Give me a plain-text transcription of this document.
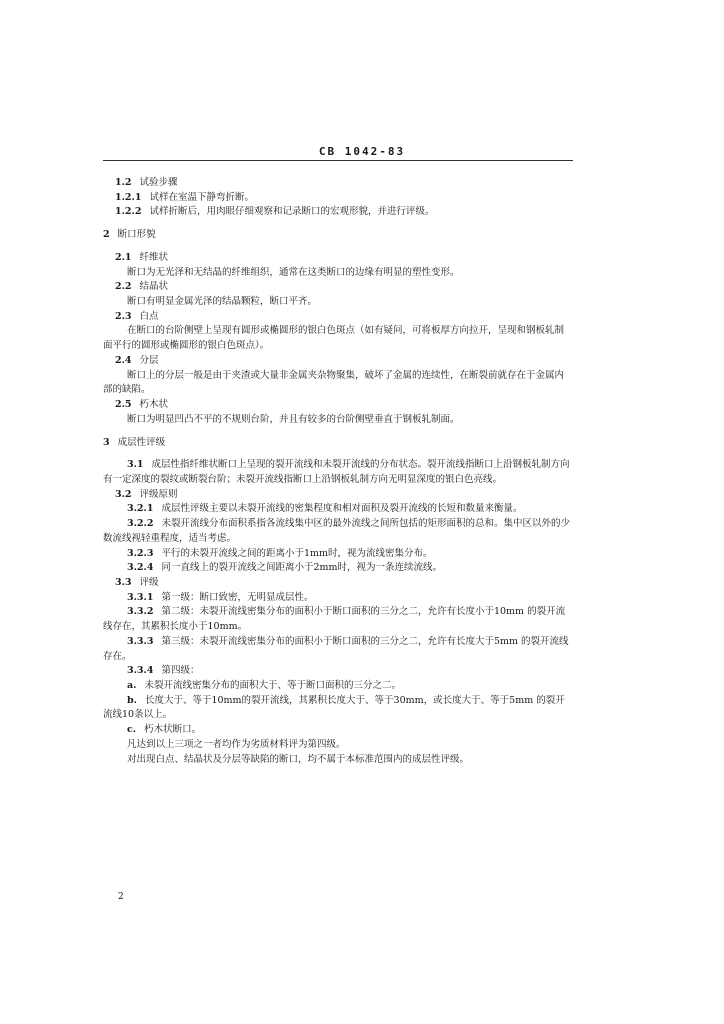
CB 1042-83
1.2 试验步骤
1.2.1 试样在室温下静弯折断。
1.2.2 试样折断后，用肉眼仔细观察和记录断口的宏观形貌，并进行评级。
2 断口形貌
2.1 纤维状
断口为无光泽和无结晶的纤维组织，通常在这类断口的边缘有明显的塑性变形。
2.2 结晶状
断口有明显金属光泽的结晶颗粒，断口平齐。
2.3 白点
在断口的台阶侧壁上呈现有圆形或椭圆形的银白色斑点（如有疑问，可将板厚方向拉开，呈现和钢板轧制面平行的圆形或椭圆形的银白色斑点）。
2.4 分层
断口上的分层一般是由于夹渣或大量非金属夹杂物聚集，破坏了金属的连续性，在断裂前就存在于金属内部的缺陷。
2.5 朽木状
断口为明显凹凸不平的不规则台阶，并且有较多的台阶侧壁垂直于钢板轧制面。
3 成层性评级
3.1 成层性指纤维状断口上呈现的裂开流线和未裂开流线的分布状态。裂开流线指断口上沿钢板轧制方向有一定深度的裂纹或断裂台阶；未裂开流线指断口上沿钢板轧制方向无明显深度的银白色亮线。
3.2 评级原则
3.2.1 成层性评级主要以未裂开流线的密集程度和相对面积及裂开流线的长短和数量来衡量。
3.2.2 未裂开流线分布面积系指各流线集中区的最外流线之间所包括的矩形面积的总和。集中区以外的少数流线视轻重程度，适当考虑。
3.2.3 平行的未裂开流线之间的距离小于1mm时，视为流线密集分布。
3.2.4 同一直线上的裂开流线之间距离小于2mm时，视为一条连续流线。
3.3 评级
3.3.1 第一级：断口致密，无明显成层性。
3.3.2 第二级：未裂开流线密集分布的面积小于断口面积的三分之二，允许有长度小于10mm 的裂开流线存在，其累积长度小于10mm。
3.3.3 第三级：未裂开流线密集分布的面积小于断口面积的三分之二，允许有长度大于5mm 的裂开流线存在。
3.3.4 第四级：
a. 未裂开流线密集分布的面积大于、等于断口面积的三分之二。
b. 长度大于、等于10mm的裂开流线，其累积长度大于、等于30mm，或长度大于、等于5mm 的裂开流线10条以上。
c. 朽木状断口。
凡达到以上三项之一者均作为劣质材料评为第四级。
对出现白点、结晶状及分层等缺陷的断口，均不属于本标准范围内的成层性评级。
2
